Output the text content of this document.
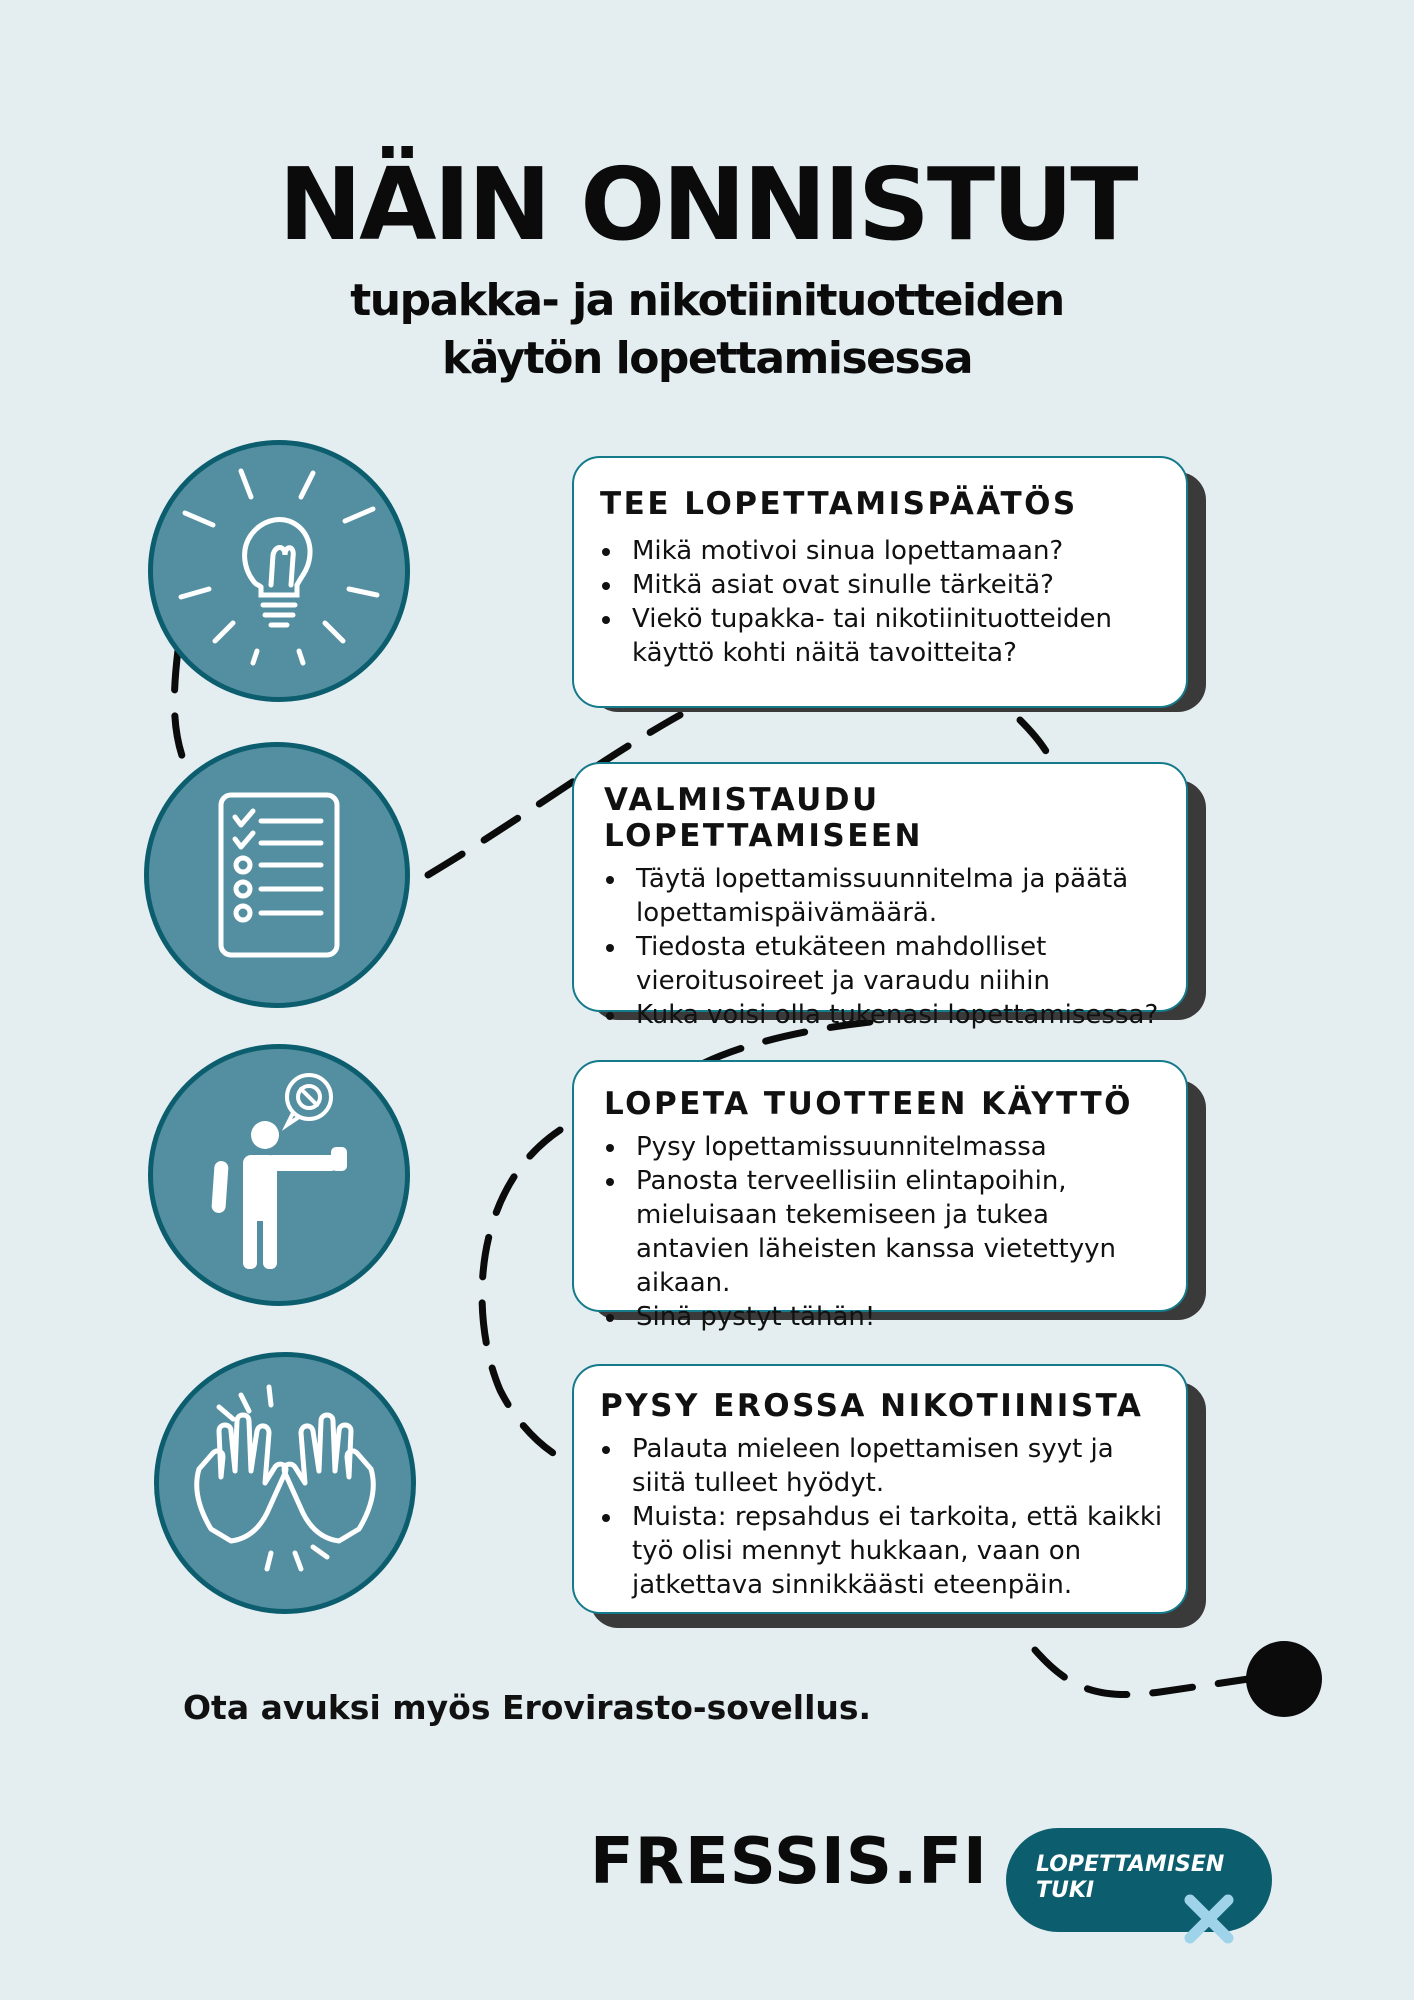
NÄIN ONNISTUT
tupakka- ja nikotiinituotteiden
käytön lopettamisessa
TEE LOPETTAMISPÄÄTÖS
• Mikä motivoi sinua lopettamaan?
• Mitkä asiat ovat sinulle tärkeitä?
• Viekö tupakka- tai nikotiinituotteiden käyttö kohti näitä tavoitteita?
VALMISTAUDU LOPETTAMISEEN
• Täytä lopettamissuunnitelma ja päätä lopettamispäivämäärä.
• Tiedosta etukäteen mahdolliset vieroitusoireet ja varaudu niihin
• Kuka voisi olla tukenasi lopettamisessa?
LOPETA TUOTTEEN KÄYTTÖ
• Pysy lopettamissuunnitelmassa
• Panosta terveellisiin elintapoihin, mieluisaan tekemiseen ja tukea antavien läheisten kanssa vietettyyn aikaan.
• Sinä pystyt tähän!
PYSY EROSSA NIKOTIINISTA
• Palauta mieleen lopettamisen syyt ja siitä tulleet hyödyt.
• Muista: repsahdus ei tarkoita, että kaikki työ olisi mennyt hukkaan, vaan on jatkettava sinnikkäästi eteenpäin.
Ota avuksi myös Erovirasto-sovellus.
FRESSIS.FI LOPETTAMISEN
TUKI
